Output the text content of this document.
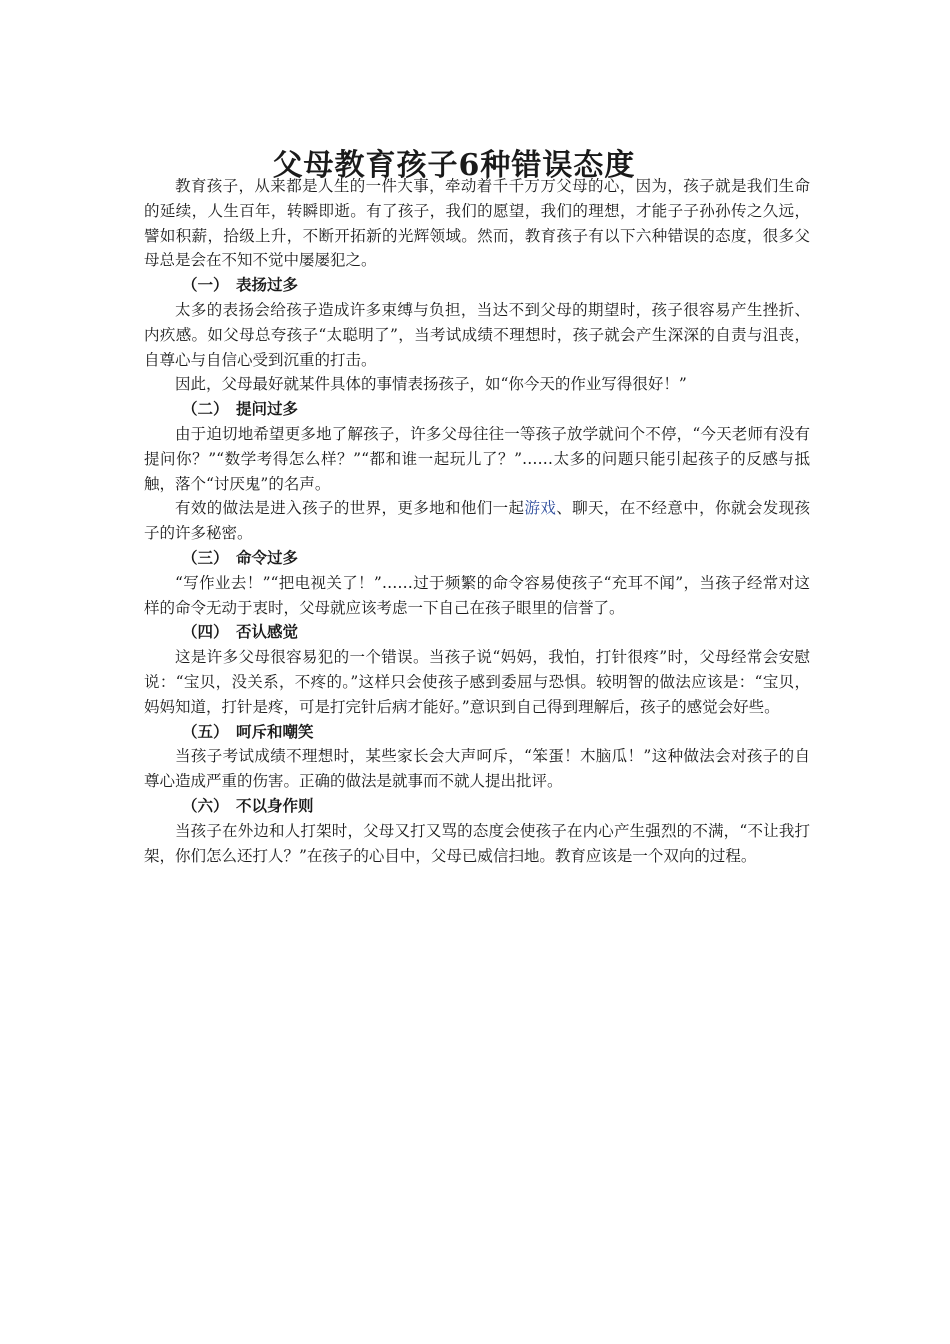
父母教育孩子6种错误态度

教育孩子，从来都是人生的一件大事，牵动着千千万万父母的心，因为，孩子就是我们生命的延续，人生百年，转瞬即逝。有了孩子，我们的愿望，我们的理想，才能子子孙孙传之久远，譬如积薪，拾级上升，不断开拓新的光辉领域。然而，教育孩子有以下六种错误的态度，很多父母总是会在不知不觉中屡屡犯之。

（一） 表扬过多

太多的表扬会给孩子造成许多束缚与负担，当达不到父母的期望时，孩子很容易产生挫折、内疚感。如父母总夸孩子“太聪明了”，当考试成绩不理想时，孩子就会产生深深的自责与沮丧，自尊心与自信心受到沉重的打击。

因此，父母最好就某件具体的事情表扬孩子，如“你今天的作业写得很好！”

（二） 提问过多

由于迫切地希望更多地了解孩子，许多父母往往一等孩子放学就问个不停，“今天老师有没有提问你？”“数学考得怎么样？”“都和谁一起玩儿了？”……太多的问题只能引起孩子的反感与抵触，落个“讨厌鬼”的名声。

有效的做法是进入孩子的世界，更多地和他们一起游戏、聊天，在不经意中，你就会发现孩子的许多秘密。

（三） 命令过多

“写作业去！”“把电视关了！”……过于频繁的命令容易使孩子“充耳不闻”，当孩子经常对这样的命令无动于衷时，父母就应该考虑一下自己在孩子眼里的信誉了。

（四） 否认感觉

这是许多父母很容易犯的一个错误。当孩子说“妈妈，我怕，打针很疼”时，父母经常会安慰说：“宝贝，没关系，不疼的。”这样只会使孩子感到委屈与恐惧。较明智的做法应该是：“宝贝，妈妈知道，打针是疼，可是打完针后病才能好。”意识到自己得到理解后，孩子的感觉会好些。

（五） 呵斥和嘲笑

当孩子考试成绩不理想时，某些家长会大声呵斥，“笨蛋！木脑瓜！”这种做法会对孩子的自尊心造成严重的伤害。正确的做法是就事而不就人提出批评。

（六） 不以身作则

当孩子在外边和人打架时，父母又打又骂的态度会使孩子在内心产生强烈的不满，“不让我打架，你们怎么还打人？”在孩子的心目中，父母已威信扫地。教育应该是一个双向的过程。
